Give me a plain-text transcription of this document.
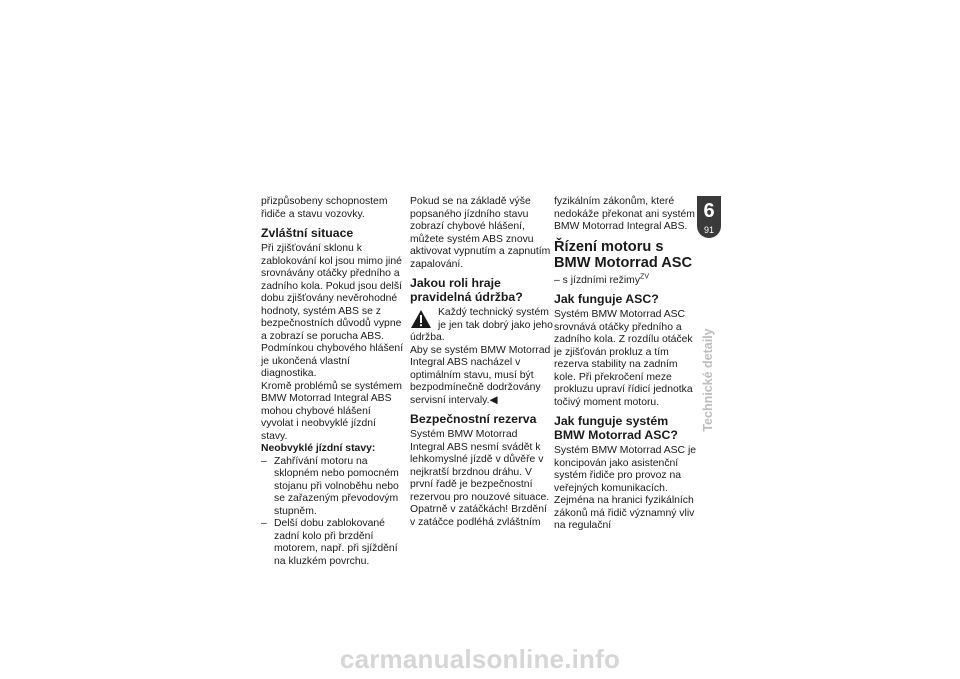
přizpůsobeny schopnostem řidiče a stavu vozovky.

Zvláštní situace

Při zjišťování sklonu k zablokování kol jsou mimo jiné srovnávány otáčky předního a zadního kola. Pokud jsou delší dobu zjišťovány nevěrohodné hodnoty, systém ABS se z bezpečnostních důvodů vypne a zobrazí se porucha ABS. Podmínkou chybového hlášení je ukončená vlastní diagnostika.

Kromě problémů se systémem BMW Motorrad Integral ABS mohou chybové hlášení vyvolat i neobvyklé jízdní stavy.

Neobvyklé jízdní stavy:

– Zahřívání motoru na sklopném nebo pomocném stojanu při volnoběhu nebo se zařazeným převodovým stupněm.
– Delší dobu zablokované zadní kolo při brzdění motorem, např. při sjíždění na kluzkém povrchu.

Pokud se na základě výše popsaného jízdního stavu zobrazí chybové hlášení, můžete systém ABS znovu aktivovat vypnutím a zapnutím zapalování.

Jakou roli hraje pravidelná údržba?
Každý technický systém je jen tak dobrý jako jeho údržba.

Aby se systém BMW Motorrad Integral ABS nacházel v optimálním stavu, musí být bezpodmínečně dodržovány servisní intervaly.◀

Bezpečnostní rezerva

Systém BMW Motorrad Integral ABS nesmí svádět k lehkomyslné jízdě v důvěře v nejkratší brzdnou dráhu. V první řadě je bezpečnostní rezervou pro nouzové situace.

Opatrně v zatáčkách! Brzdění v zatáčce podléhá zvláštním

fyzikálním zákonům, které nedokáže překonat ani systém BMW Motorrad Integral ABS.

Řízení motoru s BMW Motorrad ASC

– s jízdními režimy$^{ZV}$

Jak funguje ASC?

Systém BMW Motorrad ASC srovnává otáčky předního a zadního kola. Z rozdílu otáček je zjišťován prokluz a tím rezerva stability na zadním kole. Při překročení meze prokluzu upraví řídicí jednotka točivý moment motoru.

Jak funguje systém BMW Motorrad ASC?

Systém BMW Motorrad ASC je koncipován jako asistenční systém řidiče pro provoz na veřejných komunikacích. Zejména na hranici fyzikálních zákonů má řidič významný vliv na regulační

6
91
Technické detaily
carmanualsonline.info
